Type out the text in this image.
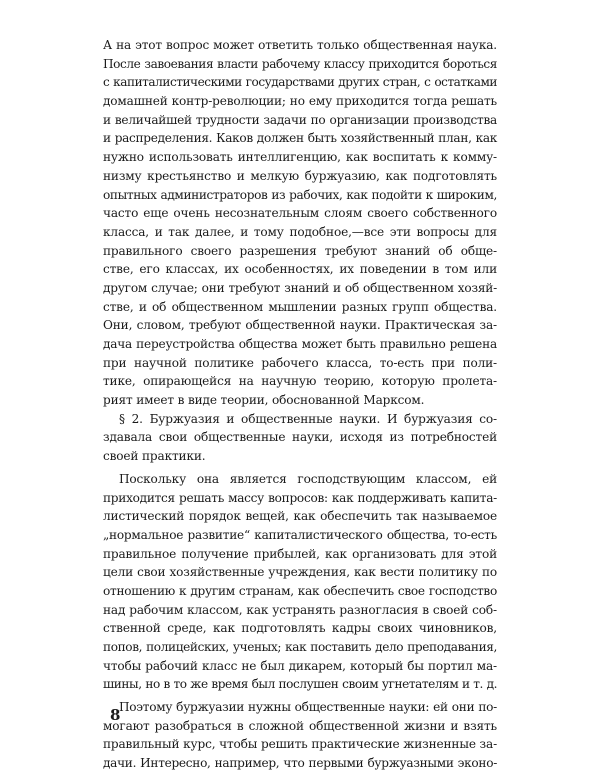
А на этот вопрос может ответить только общественная наука.
После завоевания власти рабочему классу приходится бороться
с капиталистическими государствами других стран, с остатками
домашней контр-революции; но ему приходится тогда решать
и величайшей трудности задачи по организации производства
и распределения. Каков должен быть хозяйственный план, как
нужно использовать интеллигенцию, как воспитать к комму-
низму крестьянство и мелкую буржуазию, как подготовлять
опытных администраторов из рабочих, как подойти к широким,
часто еще очень несознательным слоям своего собственного
класса, и так далее, и тому подобное,—все эти вопросы для
правильного своего разрешения требуют знаний об обще-
стве, его классах, их особенностях, их поведении в том или
другом случае; они требуют знаний и об общественном хозяй-
стве, и об общественном мышлении разных групп общества.
Они, словом, требуют общественной науки. Практическая за-
дача переустройства общества может быть правильно решена
при научной политике рабочего класса, то-есть при поли-
тике, опирающейся на научную теорию, которую пролета-
рият имеет в виде теории, обоснованной Марксом.
§ 2. Буржуазия и общественные науки. И буржуазия со-
здавала свои общественные науки, исходя из потребностей
своей практики.
Поскольку она является господствующим классом, ей
приходится решать массу вопросов: как поддерживать капита-
листический порядок вещей, как обеспечить так называемое
„нормальное развитие“ капиталистического общества, то-есть
правильное получение прибылей, как организовать для этой
цели свои хозяйственные учреждения, как вести политику по
отношению к другим странам, как обеспечить свое господство
над рабочим классом, как устранять разногласия в своей соб-
ственной среде, как подготовлять кадры своих чиновников,
попов, полицейских, ученых; как поставить дело преподавания,
чтобы рабочий класс не был дикарем, который бы портил ма-
шины, но в то же время был послушен своим угнетателям и т. д.
Поэтому буржуазии нужны общественные науки: ей они по-
могают разобраться в сложной общественной жизни и взять
правильный курс, чтобы решить практические жизненные за-
дачи. Интересно, например, что первыми буржуазными эконо-
8
